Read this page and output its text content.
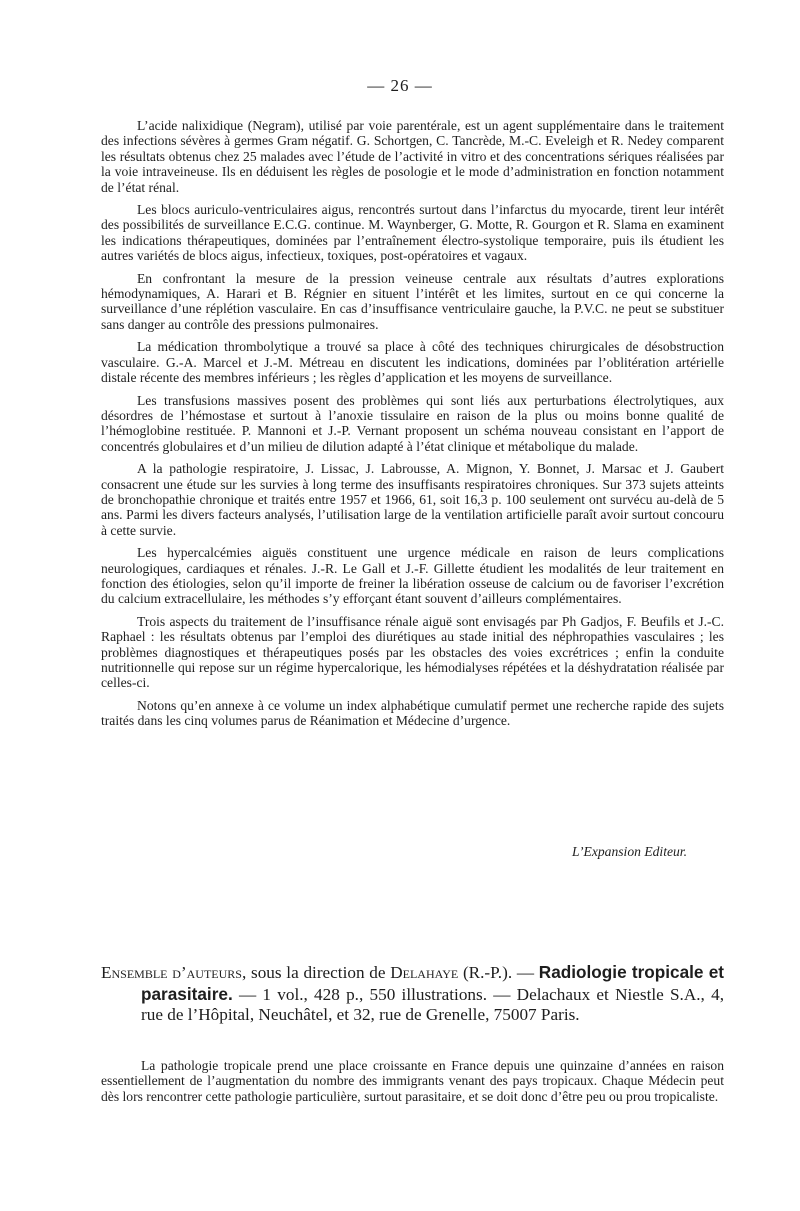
— 26 —

L’acide nalixidique (Negram), utilisé par voie parentérale, est un agent supplémentaire dans le traitement des infections sévères à germes Gram négatif. G. Schortgen, C. Tancrède, M.-C. Eveleigh et R. Nedey comparent les résultats obtenus chez 25 malades avec l’étude de l’activité in vitro et des concentrations sériques réalisées par la voie intraveineuse. Ils en déduisent les règles de posologie et le mode d’administration en fonction notamment de l’état rénal.

Les blocs auriculo-ventriculaires aigus, rencontrés surtout dans l’infarctus du myocarde, tirent leur intérêt des possibilités de surveillance E.C.G. continue. M. Waynberger, G. Motte, R. Gourgon et R. Slama en examinent les indications thérapeutiques, dominées par l’entraînement électro-systolique temporaire, puis ils étudient les autres variétés de blocs aigus, infectieux, toxiques, post-opératoires et vagaux.

En confrontant la mesure de la pression veineuse centrale aux résultats d’autres explorations hémodynamiques, A. Harari et B. Régnier en situent l’intérêt et les limites, surtout en ce qui concerne la surveillance d’une réplétion vasculaire. En cas d’insuffisance ventriculaire gauche, la P.V.C. ne peut se substituer sans danger au contrôle des pressions pulmonaires.

La médication thrombolytique a trouvé sa place à côté des techniques chirurgicales de désobstruction vasculaire. G.-A. Marcel et J.-M. Métreau en discutent les indications, dominées par l’oblitération artérielle distale récente des membres inférieurs ; les règles d’application et les moyens de surveillance.

Les transfusions massives posent des problèmes qui sont liés aux perturbations électrolytiques, aux désordres de l’hémostase et surtout à l’anoxie tissulaire en raison de la plus ou moins bonne qualité de l’hémoglobine restituée. P. Mannoni et J.-P. Vernant proposent un schéma nouveau consistant en l’apport de concentrés globulaires et d’un milieu de dilution adapté à l’état clinique et métabolique du malade.

A la pathologie respiratoire, J. Lissac, J. Labrousse, A. Mignon, Y. Bonnet, J. Marsac et J. Gaubert consacrent une étude sur les survies à long terme des insuffisants respiratoires chroniques. Sur 373 sujets atteints de bronchopathie chronique et traités entre 1957 et 1966, 61, soit 16,3 p. 100 seulement ont survécu au-delà de 5 ans. Parmi les divers facteurs analysés, l’utilisation large de la ventilation artificielle paraît avoir surtout concouru à cette survie.

Les hypercalcémies aiguës constituent une urgence médicale en raison de leurs complications neurologiques, cardiaques et rénales. J.-R. Le Gall et J.-F. Gillette étudient les modalités de leur traitement en fonction des étiologies, selon qu’il importe de freiner la libération osseuse de calcium ou de favoriser l’excrétion du calcium extracellulaire, les méthodes s’y efforçant étant souvent d’ailleurs complémentaires.

Trois aspects du traitement de l’insuffisance rénale aiguë sont envisagés par Ph Gadjos, F. Beufils et J.-C. Raphael : les résultats obtenus par l’emploi des diurétiques au stade initial des néphropathies vasculaires ; les problèmes diagnostiques et thérapeutiques posés par les obstacles des voies excrétrices ; enfin la conduite nutritionnelle qui repose sur un régime hypercalorique, les hémodialyses répétées et la déshydratation réalisée par celles-ci.

Notons qu’en annexe à ce volume un index alphabétique cumulatif permet une recherche rapide des sujets traités dans les cinq volumes parus de Réanimation et Médecine d’urgence.

L’Expansion Editeur.
Ensemble d’auteurs, sous la direction de Delahaye (R.-P.). — Radiologie tropicale et parasitaire. — 1 vol., 428 p., 550 illustrations. — Delachaux et Niestle S.A., 4, rue de l’Hôpital, Neuchâtel, et 32, rue de Grenelle, 75007 Paris.

La pathologie tropicale prend une place croissante en France depuis une quinzaine d’années en raison essentiellement de l’augmentation du nombre des immigrants venant des pays tropicaux. Chaque Médecin peut dès lors rencontrer cette pathologie particulière, surtout parasitaire, et se doit donc d’être peu ou prou tropicaliste.
